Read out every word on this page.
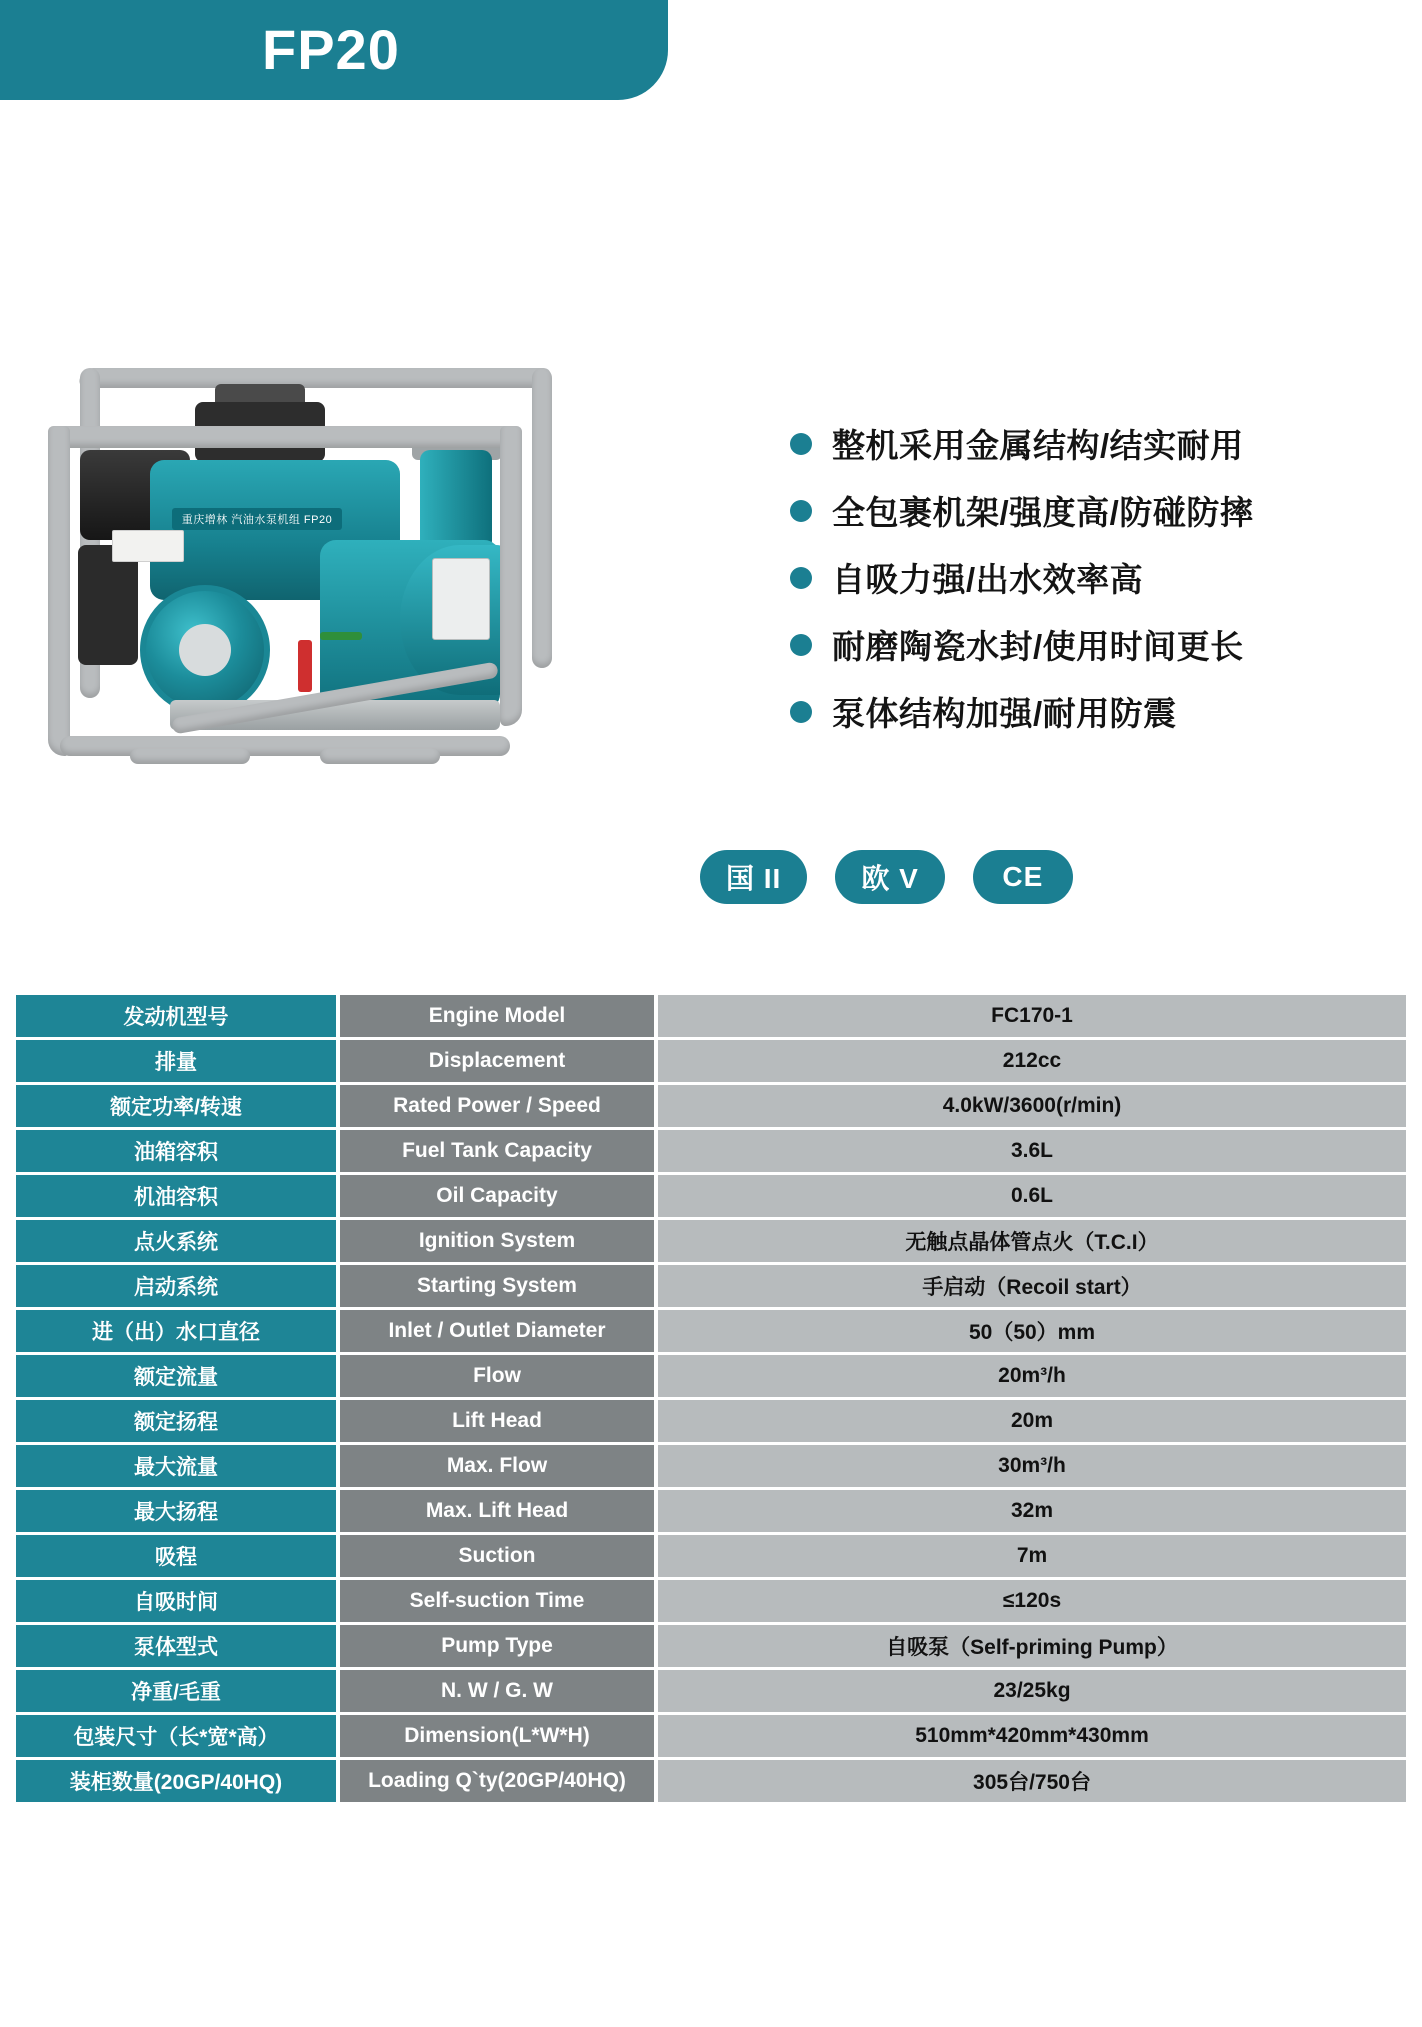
FP20
重庆增林 汽油水泵机组 FP20
整机采用金属结构/结实耐用
全包裹机架/强度高/防碰防摔
自吸力强/出水效率高
耐磨陶瓷水封/使用时间更长
泵体结构加强/耐用防震
国 II	欧 V	CE
发动机型号	Engine Model	FC170-1
排量	Displacement	212cc
额定功率/转速	Rated Power / Speed	4.0kW/3600(r/min)
油箱容积	Fuel Tank Capacity	3.6L
机油容积	Oil Capacity	0.6L
点火系统	Ignition System	无触点晶体管点火（T.C.I）
启动系统	Starting System	手启动（Recoil start）
进（出）水口直径	Inlet / Outlet Diameter	50（50）mm
额定流量	Flow	20m³/h
额定扬程	Lift Head	20m
最大流量	Max. Flow	30m³/h
最大扬程	Max. Lift Head	32m
吸程	Suction	7m
自吸时间	Self-suction Time	≤120s
泵体型式	Pump Type	自吸泵（Self-priming Pump）
净重/毛重	N. W / G. W	23/25kg
包装尺寸（长*宽*高）	Dimension(L*W*H)	510mm*420mm*430mm
装柜数量(20GP/40HQ)	Loading Q`ty(20GP/40HQ)	305台/750台
